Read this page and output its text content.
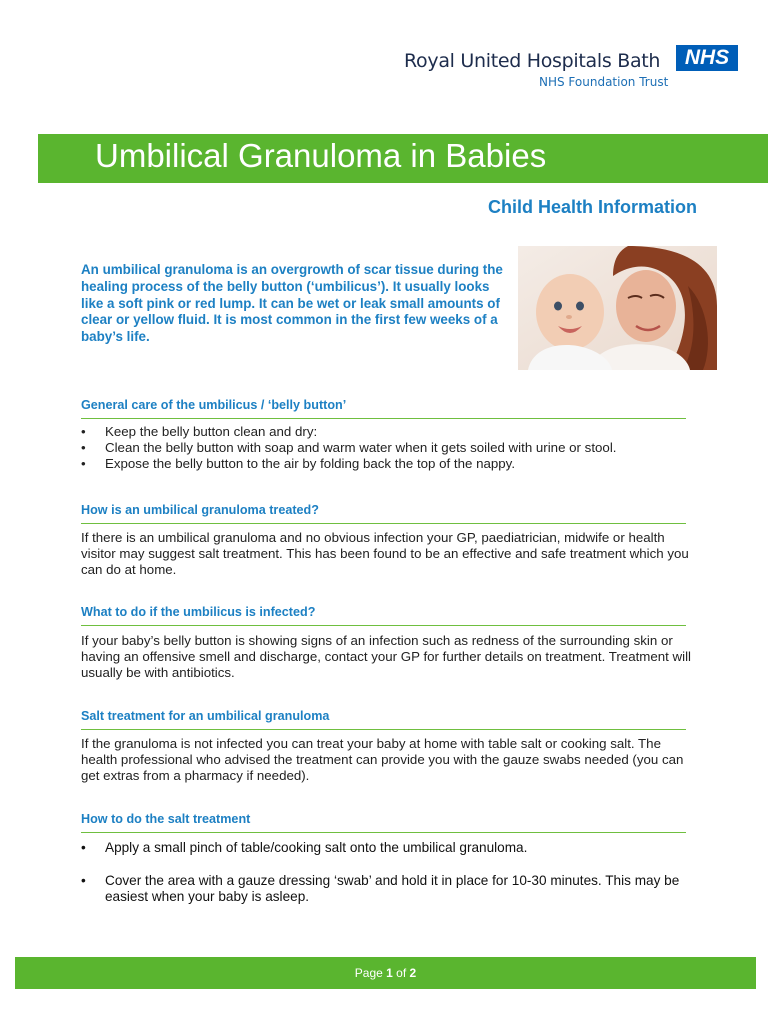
Royal United Hospitals Bath
NHS Foundation Trust
NHS
Umbilical Granuloma in Babies
Child Health Information
An umbilical granuloma is an overgrowth of scar tissue during the healing process of the belly button (‘umbilicus’). It usually looks like a soft pink or red lump. It can be wet or leak small amounts of clear or yellow fluid. It is most common in the first few weeks of a baby’s life.
General care of the umbilicus / ‘belly button’
• Keep the belly button clean and dry:
• Clean the belly button with soap and warm water when it gets soiled with urine or stool.
• Expose the belly button to the air by folding back the top of the nappy.
How is an umbilical granuloma treated?
If there is an umbilical granuloma and no obvious infection your GP, paediatrician, midwife or health visitor may suggest salt treatment. This has been found to be an effective and safe treatment which you can do at home.
What to do if the umbilicus is infected?
If your baby’s belly button is showing signs of an infection such as redness of the surrounding skin or having an offensive smell and discharge, contact your GP for further details on treatment. Treatment will usually be with antibiotics.
Salt treatment for an umbilical granuloma
If the granuloma is not infected you can treat your baby at home with table salt or cooking salt. The health professional who advised the treatment can provide you with the gauze swabs needed (you can get extras from a pharmacy if needed).
How to do the salt treatment
• Apply a small pinch of table/cooking salt onto the umbilical granuloma.
• Cover the area with a gauze dressing ‘swab’ and hold it in place for 10-30 minutes. This may be easiest when your baby is asleep.
Page 1 of 2
